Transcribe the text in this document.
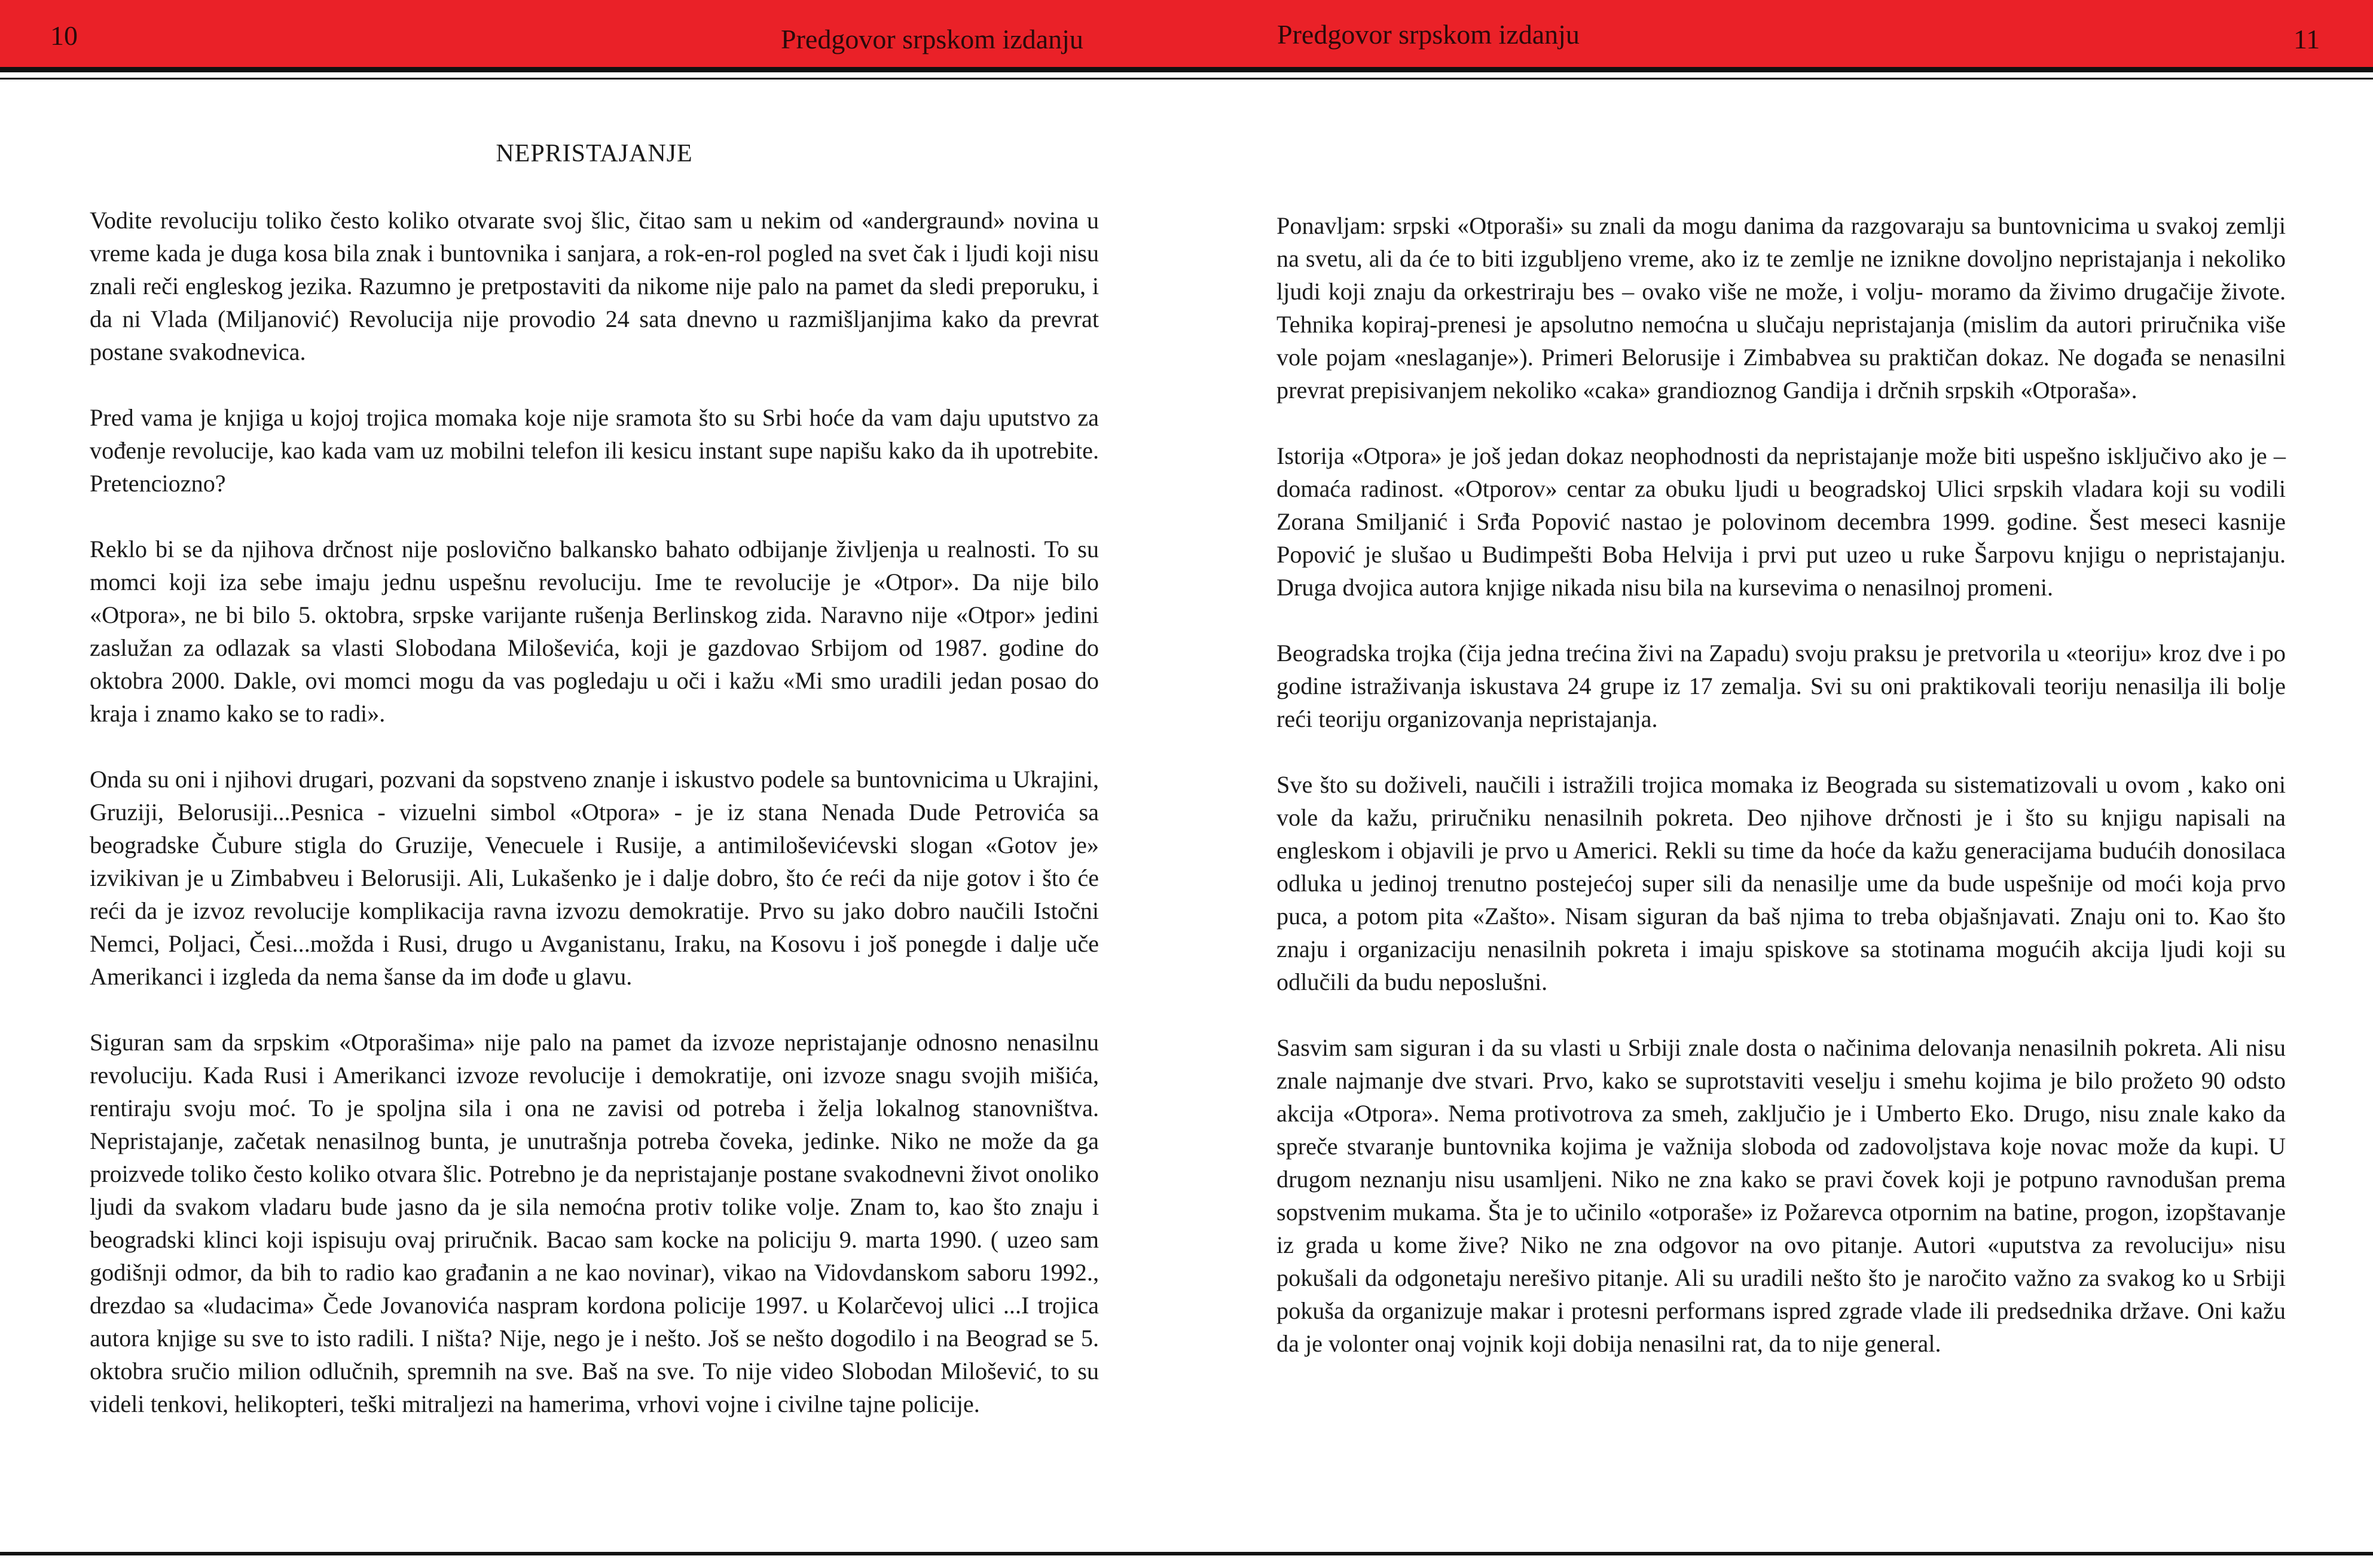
10	Predgovor srpskom izdanju	Predgovor srpskom izdanju	11
NEPRISTAJANJE

Vodite revoluciju toliko često koliko otvarate svoj šlic, čitao sam u nekim od «andergraund» novina u vreme kada je duga kosa bila znak i buntovnika i sanjara, a rok-en-rol pogled na svet čak i ljudi koji nisu znali reči engleskog jezika. Razumno je pretpostaviti da nikome nije palo na pamet da sledi preporuku, i da ni Vlada (Miljanović) Revolucija nije provodio 24 sata dnevno u razmišljanjima kako da prevrat postane svakodnevica.

Pred vama je knjiga u kojoj trojica momaka koje nije sramota što su Srbi hoće da vam daju uputstvo za vođenje revolucije, kao kada vam uz mobilni telefon ili kesicu instant supe napišu kako da ih upotrebite. Pretenciozno?

Reklo bi se da njihova drčnost nije poslovično balkansko bahato odbijanje življenja u realnosti. To su momci koji iza sebe imaju jednu uspešnu revoluciju. Ime te revolucije je «Otpor». Da nije bilo «Otpora», ne bi bilo 5. oktobra, srpske varijante rušenja Berlinskog zida. Naravno nije «Otpor» jedini zaslužan za odlazak sa vlasti Slobodana Miloševića, koji je gazdovao Srbijom od 1987. godine do oktobra 2000. Dakle, ovi momci mogu da vas pogledaju u oči i kažu «Mi smo uradili jedan posao do kraja i znamo kako se to radi».

Onda su oni i njihovi drugari, pozvani da sopstveno znanje i iskustvo podele sa buntovnicima u Ukrajini, Gruziji, Belorusiji...Pesnica - vizuelni simbol «Otpora» - je iz stana Nenada Dude Petrovića sa beogradske Čubure stigla do Gruzije, Venecuele i Rusije, a antimiloševićevski slogan «Gotov je» izvikivan je u Zimbabveu i Belorusiji. Ali, Lukašenko je i dalje dobro, što će reći da nije gotov i što će reći da je izvoz revolucije komplikacija ravna izvozu demokratije. Prvo su jako dobro naučili Istočni Nemci, Poljaci, Česi...možda i Rusi, drugo u Avganistanu, Iraku, na Kosovu i još ponegde i dalje uče Amerikanci i izgleda da nema šanse da im dođe u glavu.

Siguran sam da srpskim «Otporašima» nije palo na pamet da izvoze nepristajanje odnosno nenasilnu revoluciju. Kada Rusi i Amerikanci izvoze revolucije i demokratije, oni izvoze snagu svojih mišića, rentiraju svoju moć. To je spoljna sila i ona ne zavisi od potreba i želja lokalnog stanovništva. Nepristajanje, začetak nenasilnog bunta, je unutrašnja potreba čoveka, jedinke. Niko ne može da ga proizvede toliko često koliko otvara šlic. Potrebno je da nepristajanje postane svakodnevni život onoliko ljudi da svakom vladaru bude jasno da je sila nemoćna protiv tolike volje. Znam to, kao što znaju i beogradski klinci koji ispisuju ovaj priručnik. Bacao sam kocke na policiju 9. marta 1990. ( uzeo sam godišnji odmor, da bih to radio kao građanin a ne kao novinar), vikao na Vidovdanskom saboru 1992., drezdao sa «ludacima» Čede Jovanovića naspram kordona policije 1997. u Kolarčevoj ulici ...I trojica autora knjige su sve to isto radili. I ništa? Nije, nego je i nešto. Još se nešto dogodilo i na Beograd se 5. oktobra sručio milion odlučnih, spremnih na sve. Baš na sve. To nije video Slobodan Milošević, to su videli tenkovi, helikopteri, teški mitraljezi na hamerima, vrhovi vojne i civilne tajne policije.

Ponavljam: srpski «Otporaši» su znali da mogu danima da razgovaraju sa buntovnicima u svakoj zemlji na svetu, ali da će to biti izgubljeno vreme, ako iz te zemlje ne iznikne dovoljno nepristajanja i nekoliko ljudi koji znaju da orkestriraju bes – ovako više ne može, i volju- moramo da živimo drugačije živote. Tehnika kopiraj-prenesi je apsolutno nemoćna u slučaju nepristajanja (mislim da autori priručnika više vole pojam «neslaganje»). Primeri Belorusije i Zimbabvea su praktičan dokaz. Ne događa se nenasilni prevrat prepisivanjem nekoliko «caka» grandioznog Gandija i drčnih srpskih «Otporaša».

Istorija «Otpora» je još jedan dokaz neophodnosti da nepristajanje može biti uspešno isključivo ako je – domaća radinost. «Otporov» centar za obuku ljudi u beogradskoj Ulici srpskih vladara koji su vodili Zorana Smiljanić i Srđa Popović nastao je polovinom decembra 1999. godine. Šest meseci kasnije Popović je slušao u Budimpešti Boba Helvija i prvi put uzeo u ruke Šarpovu knjigu o nepristajanju. Druga dvojica autora knjige nikada nisu bila na kursevima o nenasilnoj promeni.

Beogradska trojka (čija jedna trećina živi na Zapadu) svoju praksu je pretvorila u «teoriju» kroz dve i po godine istraživanja iskustava 24 grupe iz 17 zemalja. Svi su oni praktikovali teoriju nenasilja ili bolje reći teoriju organizovanja nepristajanja.

Sve što su doživeli, naučili i istražili trojica momaka iz Beograda su sistematizovali u ovom , kako oni vole da kažu, priručniku nenasilnih pokreta. Deo njihove drčnosti je i što su knjigu napisali na engleskom i objavili je prvo u Americi. Rekli su time da hoće da kažu generacijama budućih donosilaca odluka u jedinoj trenutno postejećoj super sili da nenasilje ume da bude uspešnije od moći koja prvo puca, a potom pita «Zašto». Nisam siguran da baš njima to treba objašnjavati. Znaju oni to. Kao što znaju i organizaciju nenasilnih pokreta i imaju spiskove sa stotinama mogućih akcija ljudi koji su odlučili da budu neposlušni.

Sasvim sam siguran i da su vlasti u Srbiji znale dosta o načinima delovanja nenasilnih pokreta. Ali nisu znale najmanje dve stvari. Prvo, kako se suprotstaviti veselju i smehu kojima je bilo prožeto 90 odsto akcija «Otpora». Nema protivotrova za smeh, zaključio je i Umberto Eko. Drugo, nisu znale kako da spreče stvaranje buntovnika kojima je važnija sloboda od zadovoljstava koje novac može da kupi. U drugom neznanju nisu usamljeni. Niko ne zna kako se pravi čovek koji je potpuno ravnodušan prema sopstvenim mukama. Šta je to učinilo «otporaše» iz Požarevca otpornim na batine, progon, izopštavanje iz grada u kome žive? Niko ne zna odgovor na ovo pitanje. Autori «uputstva za revoluciju» nisu pokušali da odgonetaju nerešivo pitanje. Ali su uradili nešto što je naročito važno za svakog ko u Srbiji pokuša da organizuje makar i protesni performans ispred zgrade vlade ili predsednika države. Oni kažu da je volonter onaj vojnik koji dobija nenasilni rat, da to nije general.
